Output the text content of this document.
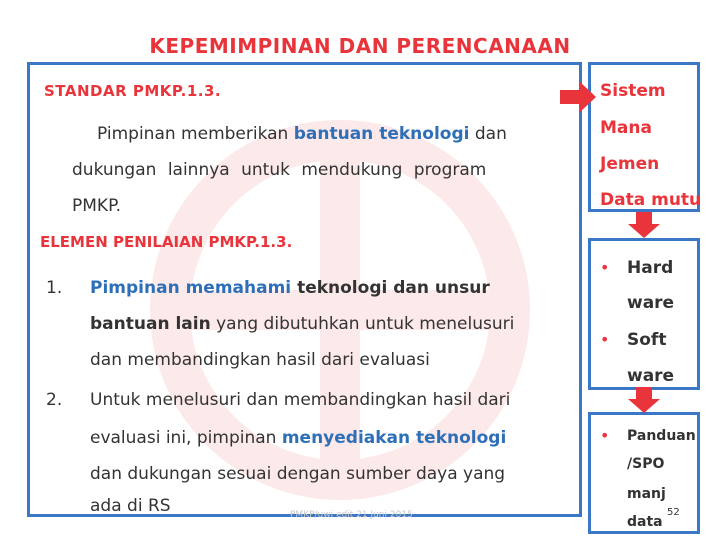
KEPEMIMPINAN DAN PERENCANAAN
STANDAR PMKP.1.3.
Pimpinan memberikan bantuan teknologi dan
dukungan lainnya untuk mendukung program
PMKP.
ELEMEN PENILAIAN PMKP.1.3.
1. Pimpinan memahami teknologi dan unsur
bantuan lain yang dibutuhkan untuk menelusuri
dan membandingkan hasil dari evaluasi
2. Untuk menelusuri dan membandingkan hasil dari
evaluasi ini, pimpinan menyediakan teknologi
dan dukungan sesuai dengan sumber daya yang
ada di RS
Sistem
Mana
Jemen
Data mutu
• Hard
ware
• Soft
ware
• Panduan
/SPO
manj
data
PMKP/uwi edit 21 Juni 2015	52
